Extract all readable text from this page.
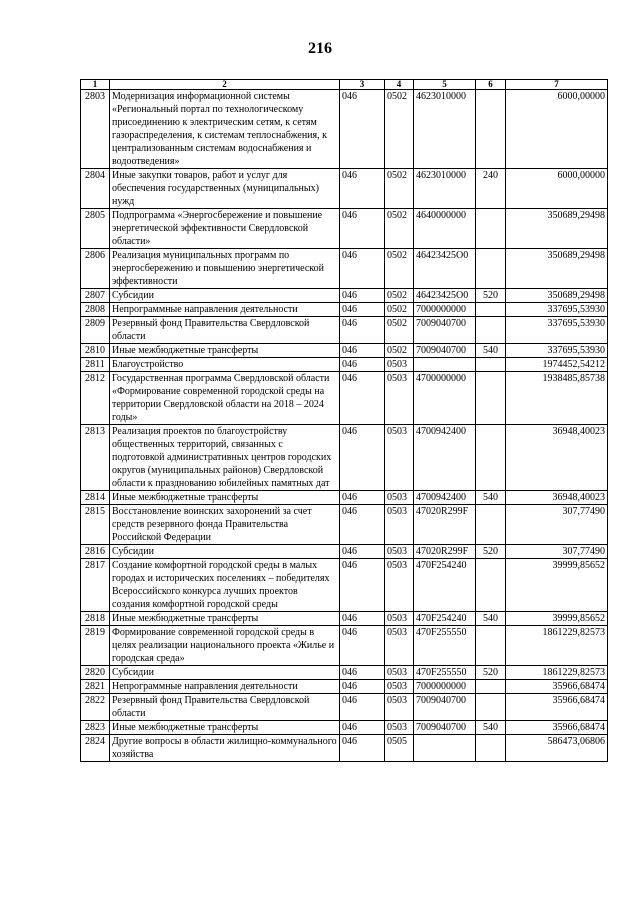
216
1	2	3	4	5	6	7
2803	Модернизация информационной системы «Региональный портал по технологическому присоединению к электрическим сетям, к сетям газораспределения, к системам теплоснабжения, к централизованным системам водоснабжения и водоотведения»	046	0502	4623010000		6000,00000
2804	Иные закупки товаров, работ и услуг для обеспечения государственных (муниципальных) нужд	046	0502	4623010000	240	6000,00000
2805	Подпрограмма «Энергосбережение и повышение энергетической эффективности Свердловской области»	046	0502	4640000000		350689,29498
2806	Реализация муниципальных программ по энергосбережению и повышению энергетической эффективности	046	0502	46423425О0		350689,29498
2807	Субсидии	046	0502	46423425О0	520	350689,29498
2808	Непрограммные направления деятельности	046	0502	7000000000		337695,53930
2809	Резервный фонд Правительства Свердловской области	046	0502	7009040700		337695,53930
2810	Иные межбюджетные трансферты	046	0502	7009040700	540	337695,53930
2811	Благоустройство	046	0503			1974452,54212
2812	Государственная программа Свердловской области «Формирование современной городской среды на территории Свердловской области на 2018 – 2024 годы»	046	0503	4700000000		1938485,85738
2813	Реализация проектов по благоустройству общественных территорий, связанных с подготовкой административных центров городских округов (муниципальных районов) Свердловской области к празднованию юбилейных памятных дат	046	0503	4700942400		36948,40023
2814	Иные межбюджетные трансферты	046	0503	4700942400	540	36948,40023
2815	Восстановление воинских захоронений за счет средств резервного фонда Правительства Российской Федерации	046	0503	47020R299F		307,77490
2816	Субсидии	046	0503	47020R299F	520	307,77490
2817	Создание комфортной городской среды в малых городах и исторических поселениях – победителях Всероссийского конкурса лучших проектов создания комфортной городской среды	046	0503	470F254240		39999,85652
2818	Иные межбюджетные трансферты	046	0503	470F254240	540	39999,85652
2819	Формирование современной городской среды в целях реализации национального проекта «Жилье и городская среда»	046	0503	470F255550		1861229,82573
2820	Субсидии	046	0503	470F255550	520	1861229,82573
2821	Непрограммные направления деятельности	046	0503	7000000000		35966,68474
2822	Резервный фонд Правительства Свердловской области	046	0503	7009040700		35966,68474
2823	Иные межбюджетные трансферты	046	0503	7009040700	540	35966,68474
2824	Другие вопросы в области жилищно-коммунального хозяйства	046	0505			586473,06806
